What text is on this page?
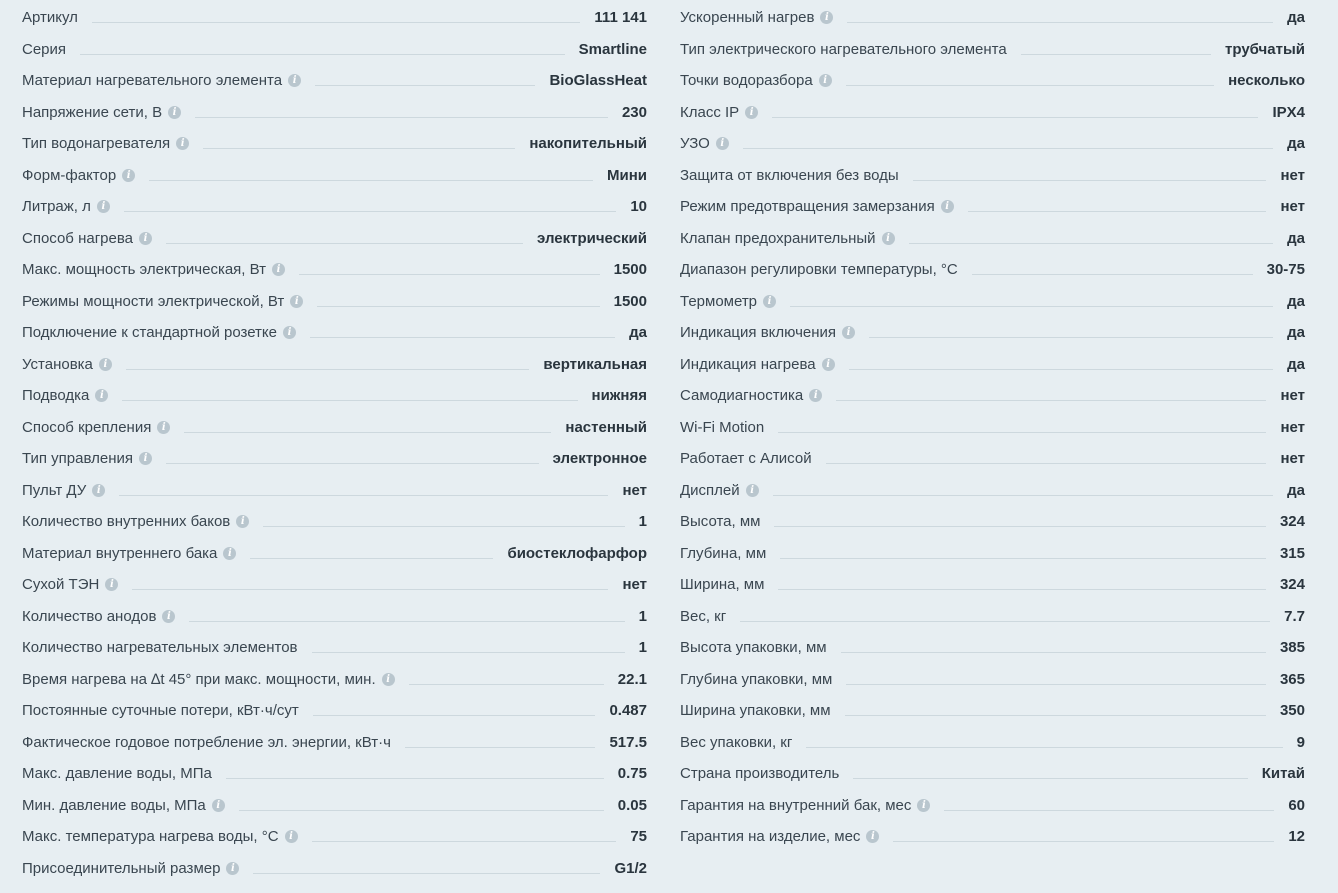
Артикул	111 141
Серия	Smartline
Материал нагревательного элемента	i	BioGlassHeat
Напряжение сети, В	i	230
Тип водонагревателя	i	накопительный
Форм-фактор	i	Мини
Литраж, л	i	10
Способ нагрева	i	электрический
Макс. мощность электрическая, Вт	i	1500
Режимы мощности электрической, Вт	i	1500
Подключение к стандартной розетке	i	да
Установка	i	вертикальная
Подводка	i	нижняя
Способ крепления	i	настенный
Тип управления	i	электронное
Пульт ДУ	i	нет
Количество внутренних баков	i	1
Материал внутреннего бака	i	биостеклофарфор
Сухой ТЭН	i	нет
Количество анодов	i	1
Количество нагревательных элементов	1
Время нагрева на ∆t 45° при макс. мощности, мин.	i	22.1
Постоянные суточные потери, кВт·ч/сут	0.487
Фактическое годовое потребление эл. энергии, кВт·ч	517.5
Макс. давление воды, МПа	0.75
Мин. давление воды, МПа	i	0.05
Макс. температура нагрева воды, °С	i	75
Присоединительный размер	i	G1/2
Ускоренный нагрев	i	да
Тип электрического нагревательного элемента	трубчатый
Точки водоразбора	i	несколько
Класс IP	i	IPX4
УЗО	i	да
Защита от включения без воды	нет
Режим предотвращения замерзания	i	нет
Клапан предохранительный	i	да
Диапазон регулировки температуры, °С	30-75
Термометр	i	да
Индикация включения	i	да
Индикация нагрева	i	да
Самодиагностика	i	нет
Wi-Fi Motion	нет
Работает с Алисой	нет
Дисплей	i	да
Высота, мм	324
Глубина, мм	315
Ширина, мм	324
Вес, кг	7.7
Высота упаковки, мм	385
Глубина упаковки, мм	365
Ширина упаковки, мм	350
Вес упаковки, кг	9
Страна производитель	Китай
Гарантия на внутренний бак, мес	i	60
Гарантия на изделие, мес	i	12
